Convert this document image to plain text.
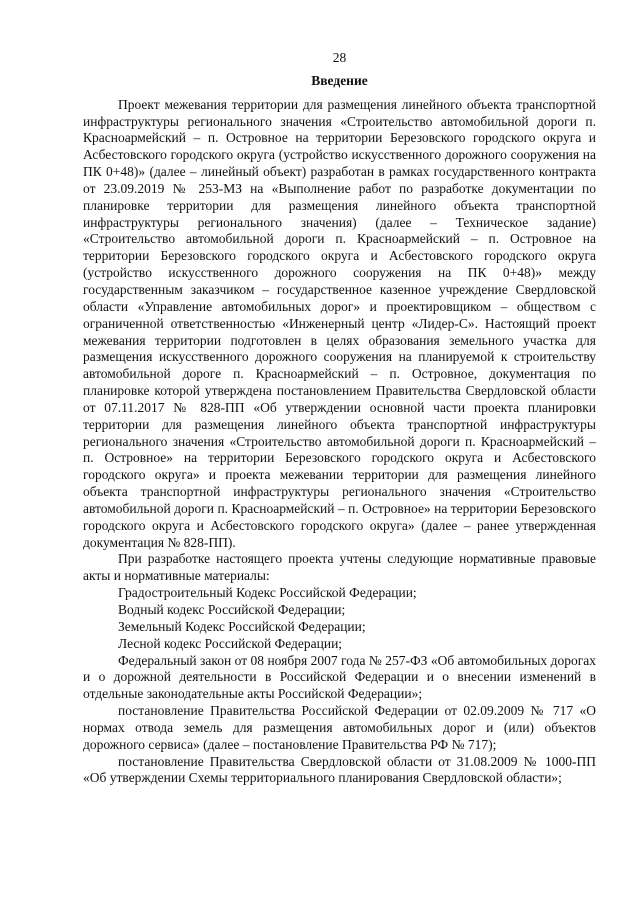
28
Введение

Проект межевания территории для размещения линейного объекта транспортной инфраструктуры регионального значения «Строительство автомобильной дороги п. Красноармейский – п. Островное на территории Березовского городского округа и Асбестовского городского округа (устройство искусственного дорожного сооружения на ПК 0+48)» (далее – линейный объект) разработан в рамках государственного контракта от 23.09.2019 № 253-МЗ на «Выполнение работ по разработке документации по планировке территории для размещения линейного объекта транспортной инфраструктуры регионального значения) (далее – Техническое задание) «Строительство автомобильной дороги п. Красноармейский – п. Островное на территории Березовского городского округа и Асбестовского городского округа (устройство искусственного дорожного сооружения на ПК 0+48)» между государственным заказчиком – государственное казенное учреждение Свердловской области «Управление автомобильных дорог» и проектировщиком – обществом с ограниченной ответственностью «Инженерный центр «Лидер-С». Настоящий проект межевания территории подготовлен в целях образования земельного участка для размещения искусственного дорожного сооружения на планируемой к строительству автомобильной дороге п. Красноармейский – п. Островное, документация по планировке которой утверждена постановлением Правительства Свердловской области от 07.11.2017 № 828-ПП «Об утверждении основной части проекта планировки территории для размещения линейного объекта транспортной инфраструктуры регионального значения «Строительство автомобильной дороги п. Красноармейский – п. Островное» на территории Березовского городского округа и Асбестовского городского округа» и проекта межевании территории для размещения линейного объекта транспортной инфраструктуры регионального значения «Строительство автомобильной дороги п. Красноармейский – п. Островное» на территории Березовского городского округа и Асбестовского городского округа» (далее – ранее утвержденная документация № 828-ПП).

При разработке настоящего проекта учтены следующие нормативные правовые акты и нормативные материалы:

Градостроительный Кодекс Российской Федерации;

Водный кодекс Российской Федерации;

Земельный Кодекс Российской Федерации;

Лесной кодекс Российской Федерации;

Федеральный закон от 08 ноября 2007 года № 257-ФЗ «Об автомобильных дорогах и о дорожной деятельности в Российской Федерации и о внесении изменений в отдельные законодательные акты Российской Федерации»;

постановление Правительства Российской Федерации от 02.09.2009 № 717 «О нормах отвода земель для размещения автомобильных дорог и (или) объектов дорожного сервиса» (далее – постановление Правительства РФ № 717);

постановление Правительства Свердловской области от 31.08.2009 № 1000-ПП «Об утверждении Схемы территориального планирования Свердловской области»;
